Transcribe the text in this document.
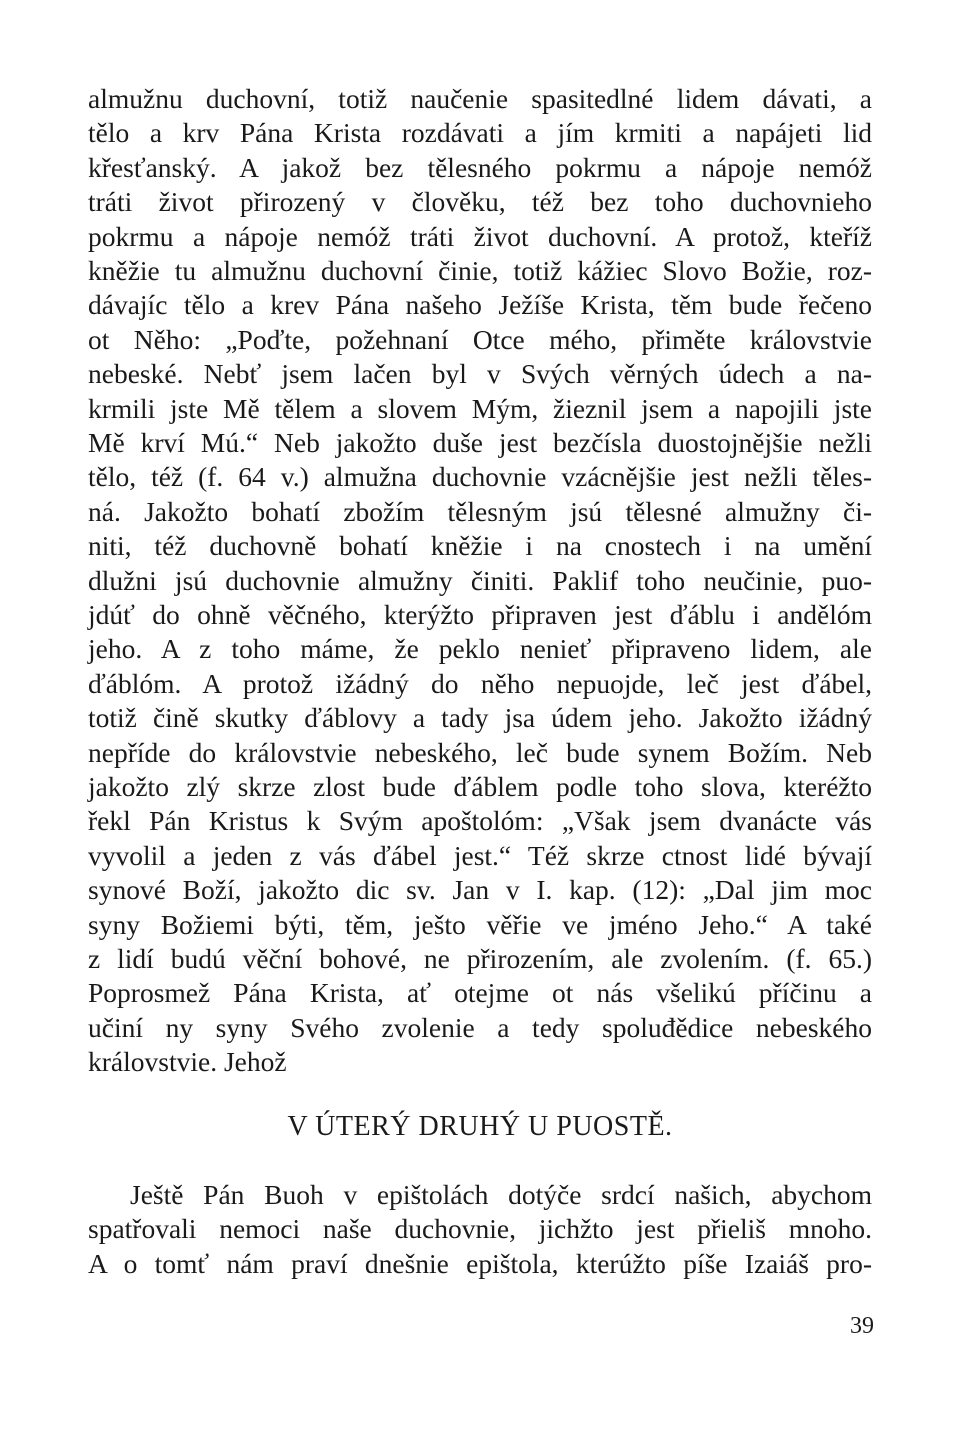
almužnu duchovní, totiž naučenie spasitedlné lidem dávati, a
tělo a krv Pána Krista rozdávati a jím krmiti a napájeti lid
křesťanský. A jakož bez tělesného pokrmu a nápoje nemóž
tráti život přirozený v člověku, též bez toho duchovnieho
pokrmu a nápoje nemóž tráti život duchovní. A protož, kteříž
kněžie tu almužnu duchovní činie, totiž kážiec Slovo Božie, roz-
dávajíc tělo a krev Pána našeho Ježíše Krista, těm bude řečeno
ot Něho: „Poďte, požehnaní Otce mého, přiměte královstvie
nebeské. Nebť jsem lačen byl v Svých věrných údech a na-
krmili jste Mě tělem a slovem Mým, žieznil jsem a napojili jste
Mě krví Mú.“ Neb jakožto duše jest bezčísla duostojnějšie nežli
tělo, též (f. 64 v.) almužna duchovnie vzácnějšie jest nežli těles-
ná. Jakožto bohatí zbožím tělesným jsú tělesné almužny či-
niti, též duchovně bohatí kněžie i na cnostech i na umění
dlužni jsú duchovnie almužny činiti. Paklif toho neučinie, puo-
jdúť do ohně věčného, kterýžto připraven jest ďáblu i andělóm
jeho. A z toho máme, že peklo nenieť připraveno lidem, ale
ďáblóm. A protož ižádný do něho nepuojde, leč jest ďábel,
totiž čině skutky ďáblovy a tady jsa údem jeho. Jakožto ižádný
nepříde do královstvie nebeského, leč bude synem Božím. Neb
jakožto zlý skrze zlost bude ďáblem podle toho slova, kteréžto
řekl Pán Kristus k Svým apoštolóm: „Však jsem dvanácte vás
vyvolil a jeden z vás ďábel jest.“ Též skrze ctnost lidé bývají
synové Boží, jakožto dic sv. Jan v I. kap. (12): „Dal jim moc
syny Božiemi býti, těm, ješto věřie ve jméno Jeho.“ A také
z lidí budú věční bohové, ne přirozením, ale zvolením. (f. 65.)
Poprosmež Pána Krista, ať otejme ot nás všelikú příčinu a
učiní ny syny Svého zvolenie a tedy spoluđědice nebeského
královstvie. Jehož
V ÚTERÝ DRUHÝ U PUOSTĚ.
Ještě Pán Buoh v epištolách dotýče srdcí našich, abychom
spatřovali nemoci naše duchovnie, jichžto jest přieliš mnoho.
A o tomť nám praví dnešnie epištola, kterúžto píše Izaiáš pro-
39
